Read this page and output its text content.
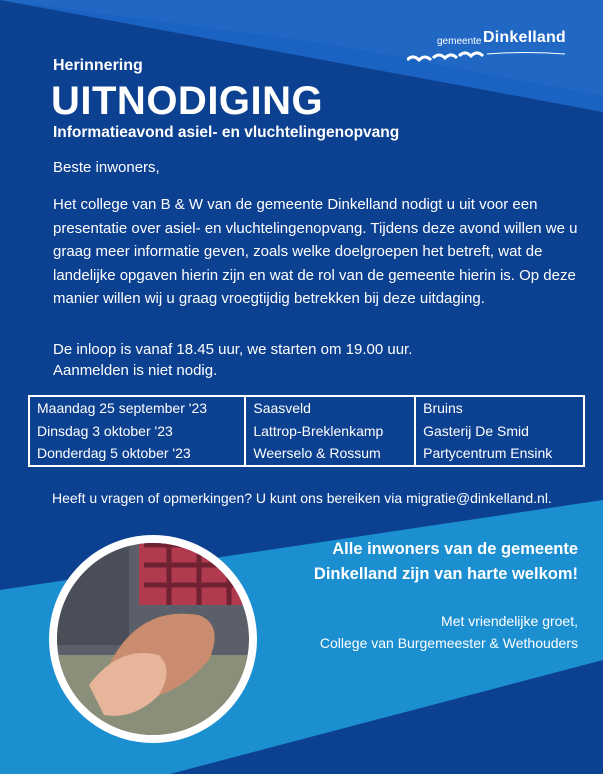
gemeente Dinkelland
Herinnering
UITNODIGING
Informatieavond asiel- en vluchtelingenopvang
Beste inwoners,
Het college van B & W van de gemeente Dinkelland nodigt u uit voor een presentatie over asiel- en vluchtelingenopvang. Tijdens deze avond willen we u graag meer informatie geven, zoals welke doelgroepen het betreft, wat de landelijke opgaven hierin zijn en wat de rol van de gemeente hierin is. Op deze manier willen wij u graag vroegtijdig betrekken bij deze uitdaging.
De inloop is vanaf 18.45 uur, we starten om 19.00 uur.
Aanmelden is niet nodig.
Maandag 25 september '23	Saasveld	Bruins
Dinsdag 3 oktober '23	Lattrop-Breklenkamp	Gasterij De Smid
Donderdag 5 oktober '23	Weerselo & Rossum	Partycentrum Ensink
Heeft u vragen of opmerkingen? U kunt ons bereiken via migratie@dinkelland.nl.
Alle inwoners van de gemeente
Dinkelland zijn van harte welkom!
Met vriendelijke groet,
College van Burgemeester & Wethouders
